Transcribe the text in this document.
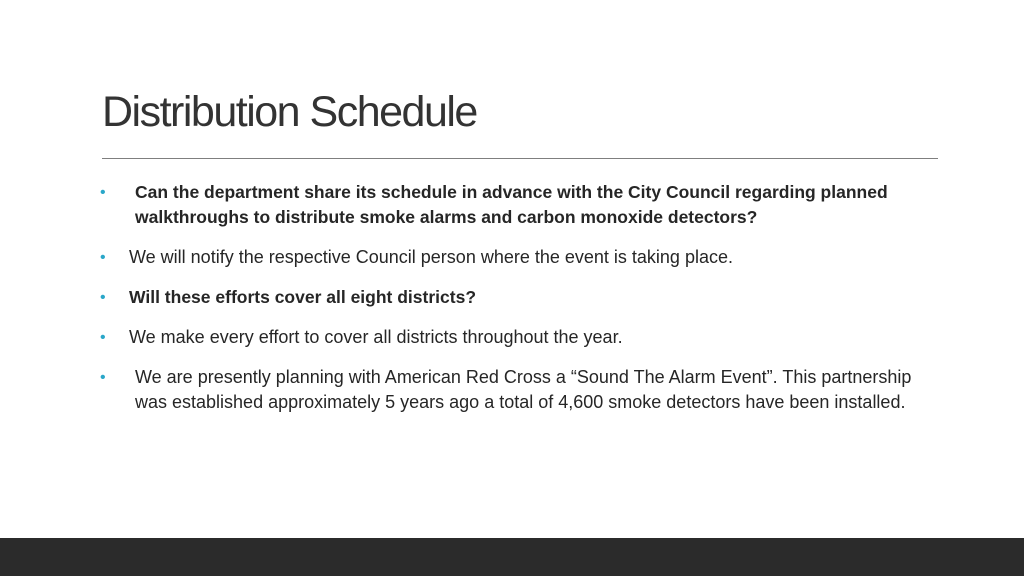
Distribution Schedule
•	Can the department share its schedule in advance with the City Council regarding planned walkthroughs to distribute smoke alarms and carbon monoxide detectors?
•	We will notify the respective Council person where the event is taking place.
•	Will these efforts cover all eight districts?
•	We make every effort to cover all districts throughout the year.
•	We are presently planning with American Red Cross a “Sound The Alarm Event”. This partnership was established approximately 5 years ago a total of 4,600 smoke detectors have been installed.
